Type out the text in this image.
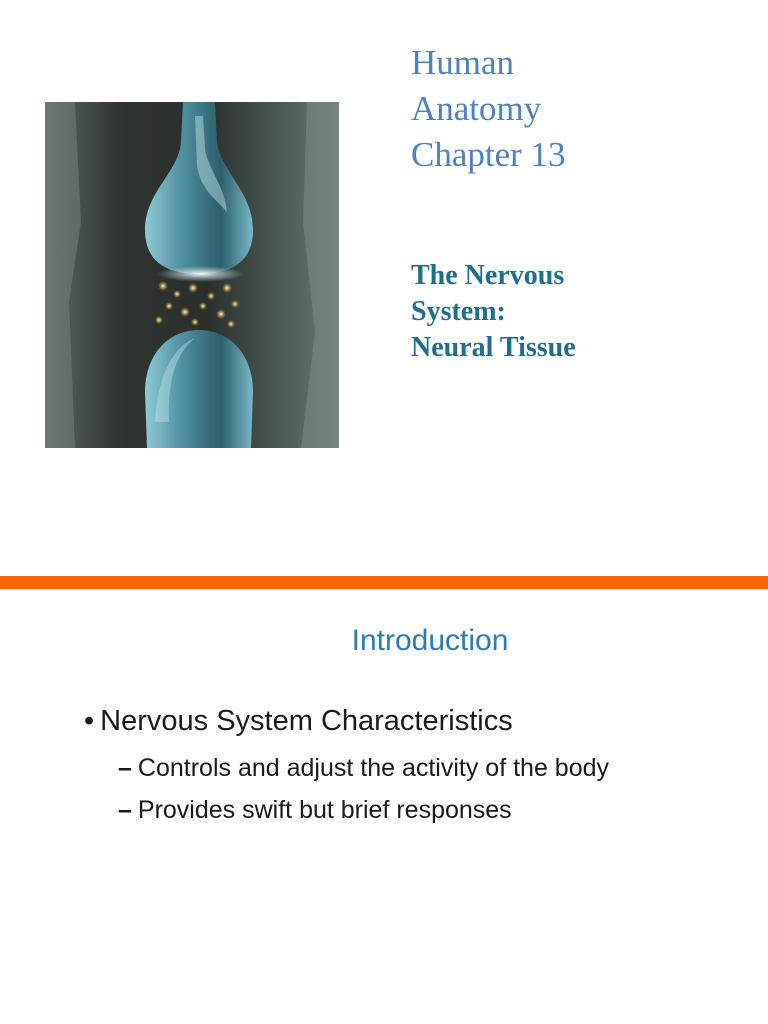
Human
Anatomy
Chapter 13
The Nervous
System:
Neural Tissue
Introduction
• Nervous System Characteristics
– Controls and adjust the activity of the body
– Provides swift but brief responses
